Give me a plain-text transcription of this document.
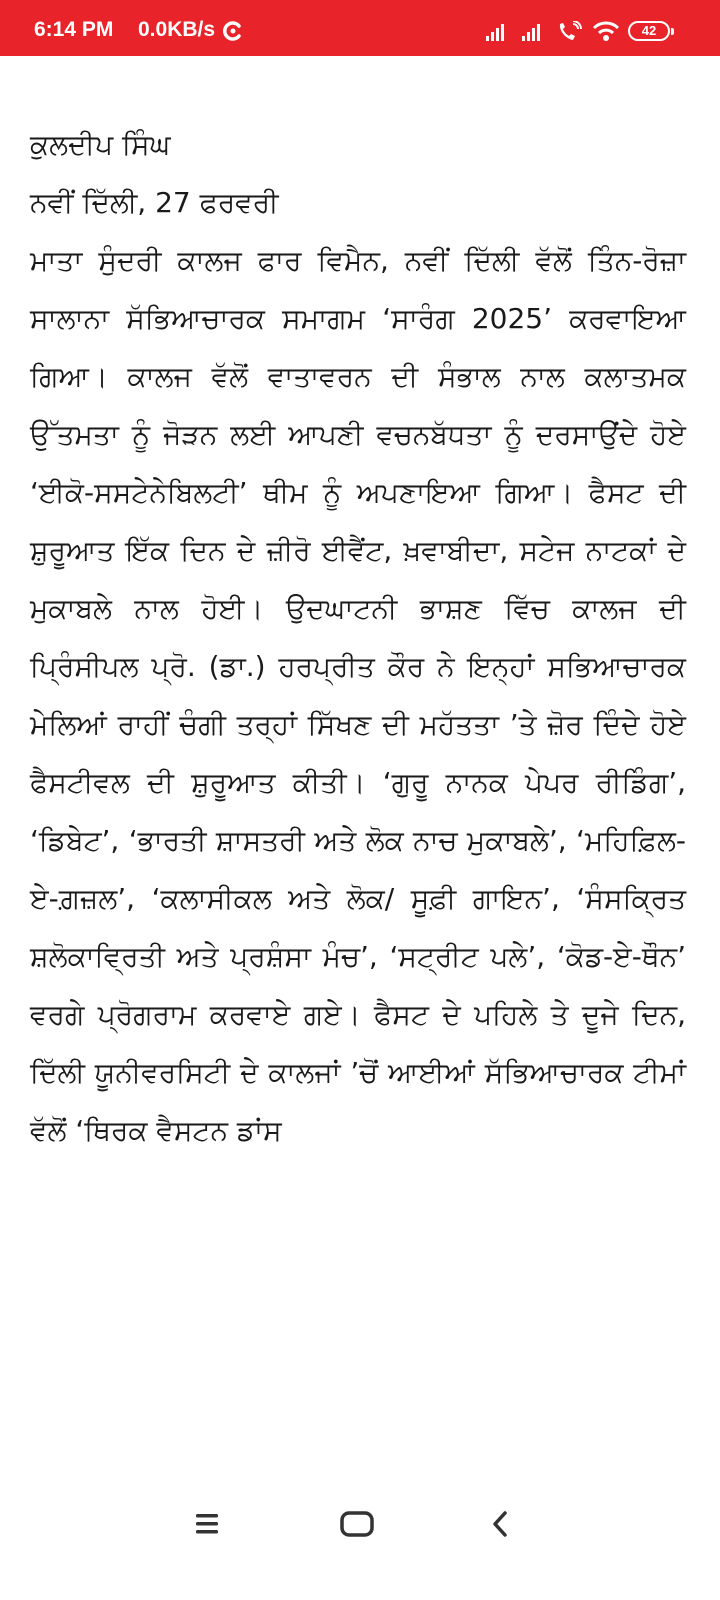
6:14 PM 0.0KB/s	42

ਕੁਲਦੀਪ ਸਿੰਘ

ਨਵੀਂ ਦਿੱਲੀ, 27 ਫਰਵਰੀ

ਮਾਤਾ ਸੁੰਦਰੀ ਕਾਲਜ ਫਾਰ ਵਿਮੈਨ, ਨਵੀਂ ਦਿੱਲੀ ਵੱਲੋਂ ਤਿੰਨ-ਰੋਜ਼ਾ ਸਾਲਾਨਾ ਸੱਭਿਆਚਾਰਕ ਸਮਾਗਮ ‘ਸਾਰੰਗ 2025’ ਕਰਵਾਇਆ ਗਿਆ। ਕਾਲਜ ਵੱਲੋਂ ਵਾਤਾਵਰਨ ਦੀ ਸੰਭਾਲ ਨਾਲ ਕਲਾਤਮਕ ਉੱਤਮਤਾ ਨੂੰ ਜੋੜਨ ਲਈ ਆਪਣੀ ਵਚਨਬੱਧਤਾ ਨੂੰ ਦਰਸਾਉਂਦੇ ਹੋਏ ‘ਈਕੋ-ਸਸਟੇਨੇਬਿਲਟੀ’ ਥੀਮ ਨੂੰ ਅਪਣਾਇਆ ਗਿਆ। ਫੈਸਟ ਦੀ ਸ਼ੁਰੂਆਤ ਇੱਕ ਦਿਨ ਦੇ ਜ਼ੀਰੋ ਈਵੈਂਟ, ਖ਼ਵਾਬੀਦਾ, ਸਟੇਜ ਨਾਟਕਾਂ ਦੇ ਮੁਕਾਬਲੇ ਨਾਲ ਹੋਈ। ਉਦਘਾਟਨੀ ਭਾਸ਼ਣ ਵਿੱਚ ਕਾਲਜ ਦੀ ਪ੍ਰਿੰਸੀਪਲ ਪ੍ਰੋ. (ਡਾ.) ਹਰਪ੍ਰੀਤ ਕੌਰ ਨੇ ਇਨ੍ਹਾਂ ਸਭਿਆਚਾਰਕ ਮੇਲਿਆਂ ਰਾਹੀਂ ਚੰਗੀ ਤਰ੍ਹਾਂ ਸਿੱਖਣ ਦੀ ਮਹੱਤਤਾ ’ਤੇ ਜ਼ੋਰ ਦਿੰਦੇ ਹੋਏ ਫੈਸਟੀਵਲ ਦੀ ਸ਼ੁਰੂਆਤ ਕੀਤੀ। ‘ਗੁਰੂ ਨਾਨਕ ਪੇਪਰ ਰੀਡਿੰਗ’, ‘ਡਿਬੇਟ’, ‘ਭਾਰਤੀ ਸ਼ਾਸਤਰੀ ਅਤੇ ਲੋਕ ਨਾਚ ਮੁਕਾਬਲੇ’, ‘ਮਹਿਫ਼ਿਲ-ਏ-ਗ਼ਜ਼ਲ’, ‘ਕਲਾਸੀਕਲ ਅਤੇ ਲੋਕ/ ਸੂਫ਼ੀ ਗਾਇਨ’, ‘ਸੰਸਕ੍ਰਿਤ ਸ਼ਲੋਕਾਵ੍ਰਿਤੀ ਅਤੇ ਪ੍ਰਸ਼ੰਸਾ ਮੰਚ’, ‘ਸਟ੍ਰੀਟ ਪਲੇ’, ‘ਕੋਡ-ਏ-ਥੌਨ’ ਵਰਗੇ ਪ੍ਰੋਗਰਾਮ ਕਰਵਾਏ ਗਏ। ਫੈਸਟ ਦੇ ਪਹਿਲੇ ਤੇ ਦੂਜੇ ਦਿਨ, ਦਿੱਲੀ ਯੂਨੀਵਰਸਿਟੀ ਦੇ ਕਾਲਜਾਂ ’ਚੋਂ ਆਈਆਂ ਸੱਭਿਆਚਾਰਕ ਟੀਮਾਂ ਵੱਲੋਂ ‘ਥਿਰਕ ਵੈਸਟਨ ਡਾਂਸ
